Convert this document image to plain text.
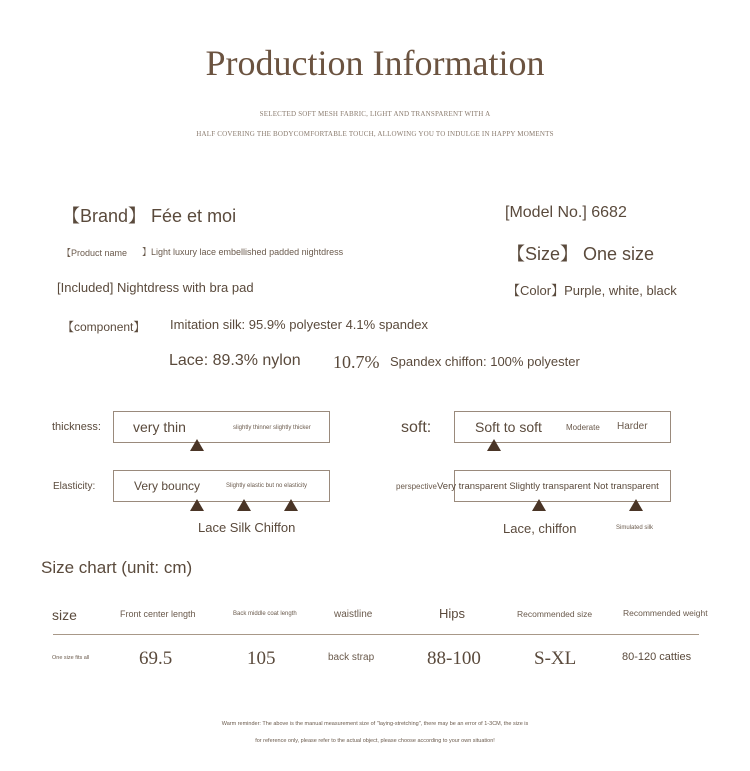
Production Information
SELECTED SOFT MESH FABRIC, LIGHT AND TRANSPARENT WITH A
HALF COVERING THE BODYCOMFORTABLE TOUCH, ALLOWING YOU TO INDULGE IN HAPPY MOMENTS
【Brand】 Fée et moi	[Model No.] 6682
【Product name 】Light luxury lace embellished padded nightdress	【Size】 One size
[Included] Nightdress with bra pad	【Color】Purple, white, black
【component】 Imitation silk: 95.9% polyester 4.1% spandex
Lace: 89.3% nylon 10.7% Spandex chiffon: 100% polyester
thickness: very thin	slightly thinner slightly thicker	soft:	Soft to soft	Moderate Harder
Elasticity:	Very bouncy	Slightly elastic but no elasticity
Lace Silk Chiffon
perspective Very transparent Slightly transparent Not transparent
Lace, chiffon	Simulated silk
Size chart (unit: cm)
size	Front center length	Back middle coat length	waistline	Hips	Recommended size	Recommended weight
One size fits all	69.5	105	back strap	88-100	S-XL	80-120 catties
Warm reminder: The above is the manual measurement size of "laying-stretching", there may be an error of 1-3CM, the size is
for reference only, please refer to the actual object, please choose according to your own situation!
